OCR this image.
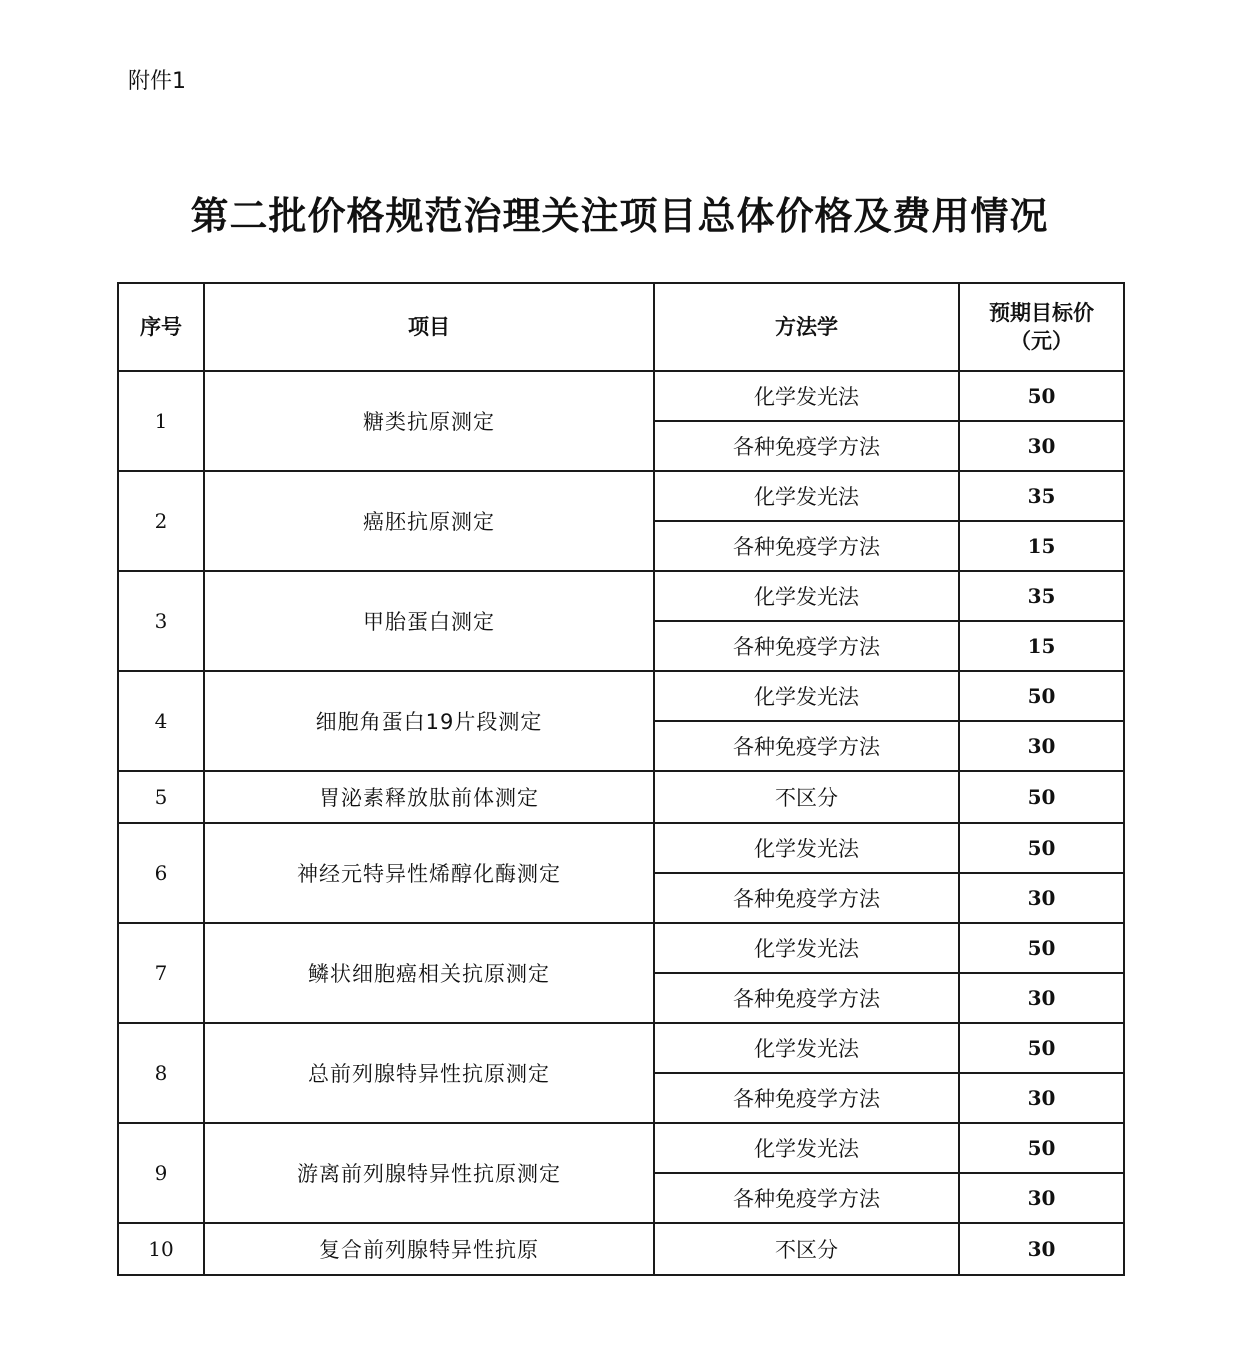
附件1
第二批价格规范治理关注项目总体价格及费用情况
序号	项目	方法学	预期目标价
（元）

1	糖类抗原测定	化学发光法	50
		各种免疫学方法	30
2	癌胚抗原测定	化学发光法	35
		各种免疫学方法	15
3	甲胎蛋白测定	化学发光法	35
		各种免疫学方法	15
4	细胞角蛋白19片段测定	化学发光法	50
		各种免疫学方法	30
5	胃泌素释放肽前体测定	不区分	50
6	神经元特异性烯醇化酶测定	化学发光法	50
		各种免疫学方法	30
7	鳞状细胞癌相关抗原测定	化学发光法	50
		各种免疫学方法	30
8	总前列腺特异性抗原测定	化学发光法	50
		各种免疫学方法	30
9	游离前列腺特异性抗原测定	化学发光法	50
		各种免疫学方法	30
10	复合前列腺特异性抗原	不区分	30
